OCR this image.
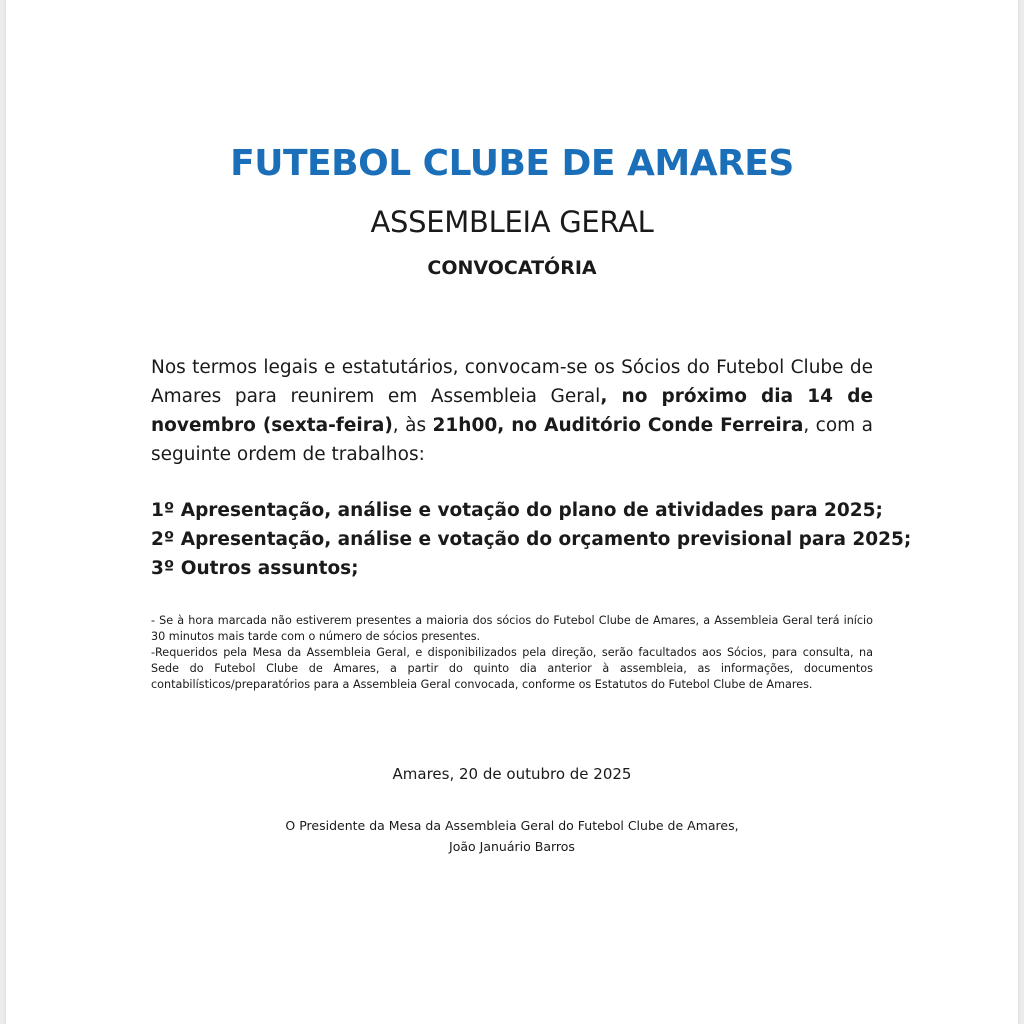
FUTEBOL CLUBE DE AMARES
ASSEMBLEIA GERAL
CONVOCATÓRIA
Nos termos legais e estatutários, convocam-se os Sócios do Futebol Clube de Amares para reunirem em Assembleia Geral, no próximo dia 14 de novembro (sexta-feira), às 21h00, no Auditório Conde Ferreira, com a seguinte ordem de trabalhos:
1º Apresentação, análise e votação do plano de atividades para 2025;
2º Apresentação, análise e votação do orçamento previsional para 2025;
3º Outros assuntos;

- Se à hora marcada não estiverem presentes a maioria dos sócios do Futebol Clube de Amares, a Assembleia Geral terá início 30 minutos mais tarde com o número de sócios presentes.

-Requeridos pela Mesa da Assembleia Geral, e disponibilizados pela direção, serão facultados aos Sócios, para consulta, na Sede do Futebol Clube de Amares, a partir do quinto dia anterior à assembleia, as informações, documentos contabilísticos/preparatórios para a Assembleia Geral convocada, conforme os Estatutos do Futebol Clube de Amares.

Amares, 20 de outubro de 2025
O Presidente da Mesa da Assembleia Geral do Futebol Clube de Amares,
João Januário Barros
